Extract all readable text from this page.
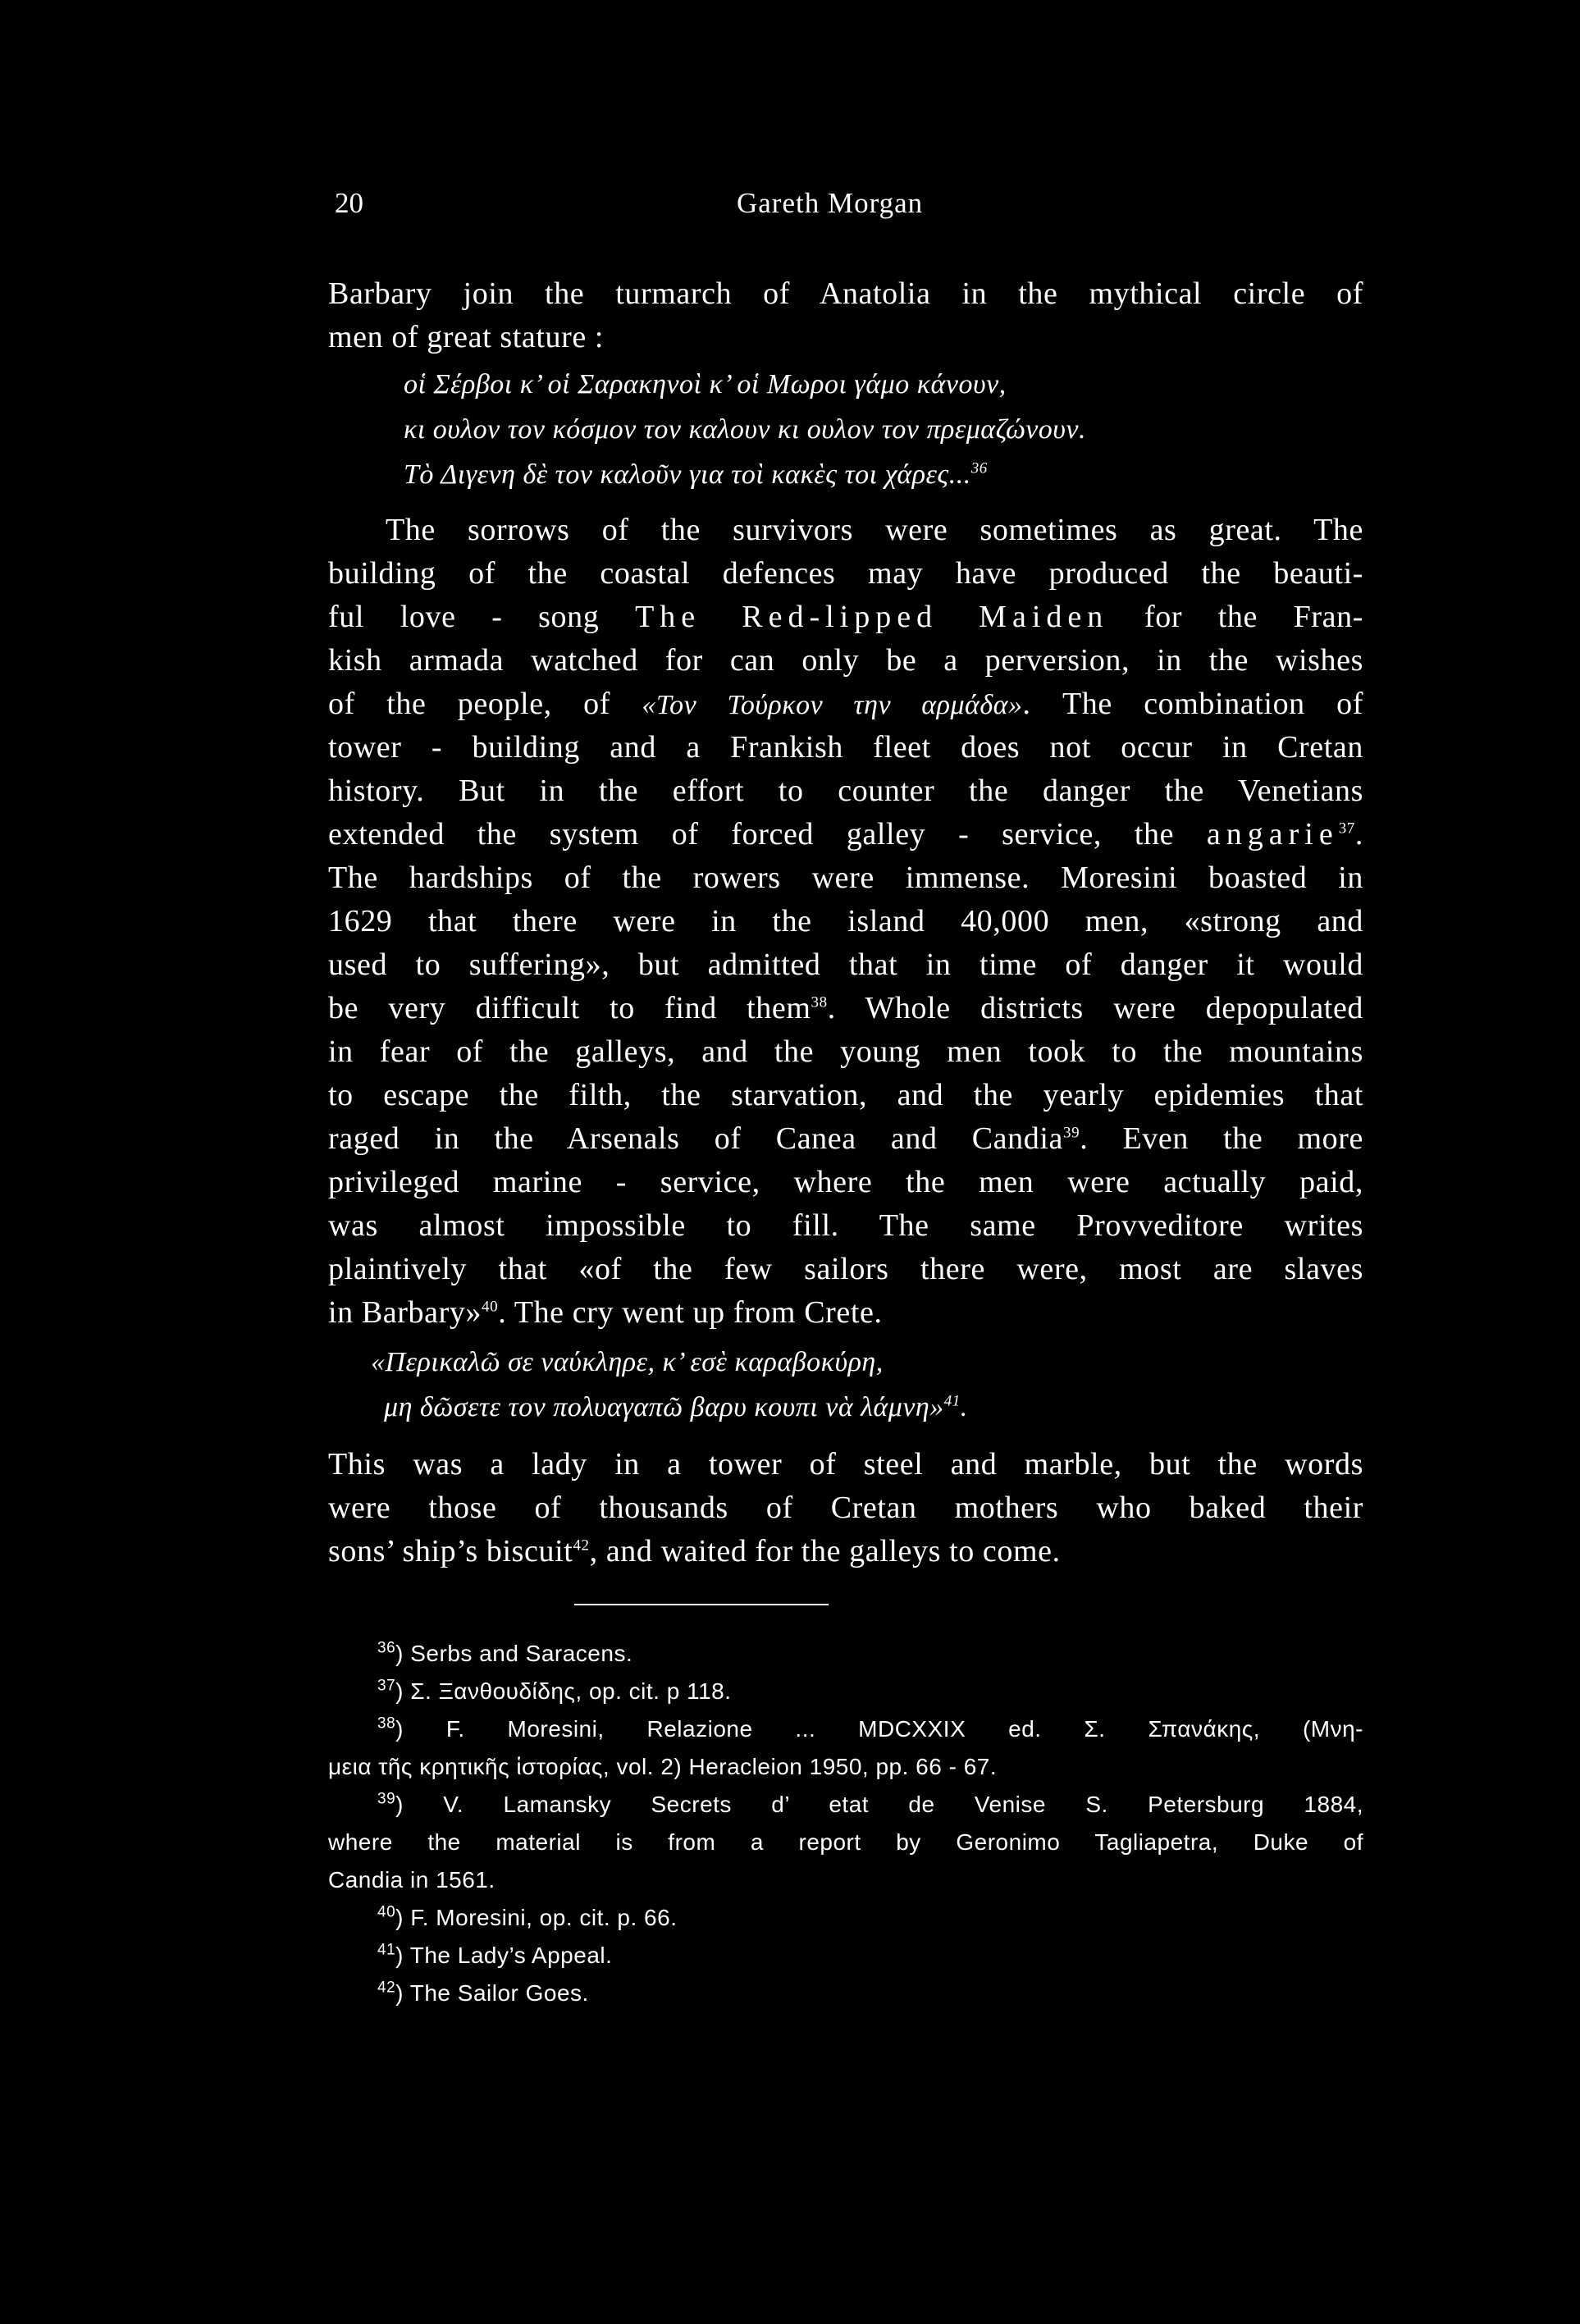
20	Gareth Morgan
Barbary join the turmarch of Anatolia in the mythical circle of
men of great stature :
οἱ Σέρβοι κ’ οἱ Σαρακηνοὶ κ’ οἱ Μωροι γάμο κάνουν,
κι ουλον τον κόσμον τον καλουν κι ουλον τον πρεμαζώνουν.
Τὸ Διγενη δὲ τον καλοῦν για τοὶ κακὲς τοι χάρες...$^{36}$
The sorrows of the survivors were sometimes as great. The
building of the coastal defences may have produced the beauti-
ful love - song The Red-lipped Maiden for the Fran-
kish armada watched for can only be a perversion, in the wishes
of the people, of «Τον Τούρκον την αρμάδα». The combination of
tower - building and a Frankish fleet does not occur in Cretan
history. But in the effort to counter the danger the Venetians
extended the system of forced galley - service, the angarie$^{37}$.
The hardships of the rowers were immense. Moresini boasted in
1629 that there were in the island 40,000 men, «strong and
used to suffering», but admitted that in time of danger it would
be very difficult to find them$^{38}$. Whole districts were depopulated
in fear of the galleys, and the young men took to the mountains
to escape the filth, the starvation, and the yearly epidemies that
raged in the Arsenals of Canea and Candia$^{39}$. Even the more
privileged marine - service, where the men were actually paid,
was almost impossible to fill. The same Provveditore writes
plaintively that «of the few sailors there were, most are slaves
in Barbary»$^{40}$. The cry went up from Crete.
«Περικαλῶ σε ναύκληρε, κ’ εσὲ καραβοκύρη,
μη δῶσετε τον πολυαγαπῶ βαρυ κουπι νὰ λάμνη»$^{41}$.
This was a lady in a tower of steel and marble, but the words
were those of thousands of Cretan mothers who baked their
sons’ ship’s biscuit$^{42}$, and waited for the galleys to come.
$^{36}$) Serbs and Saracens.
$^{37}$) Σ. Ξανθουδίδης, op. cit. p 118.
$^{38}$) F. Moresini, Relazione ... MDCXXIX ed. Σ. Σπανάκης, (Μνη-
μεια τῆς κρητικῆς ἱστορίας, vol. 2) Heracleion 1950, pp. 66 - 67.
$^{39}$) V. Lamansky Secrets d’ etat de Venise S. Petersburg 1884,
where the material is from a report by Geronimo Tagliapetra, Duke of
Candia in 1561.
$^{40}$) F. Moresini, op. cit. p. 66.
$^{41}$) The Lady’s Appeal.
$^{42}$) The Sailor Goes.
